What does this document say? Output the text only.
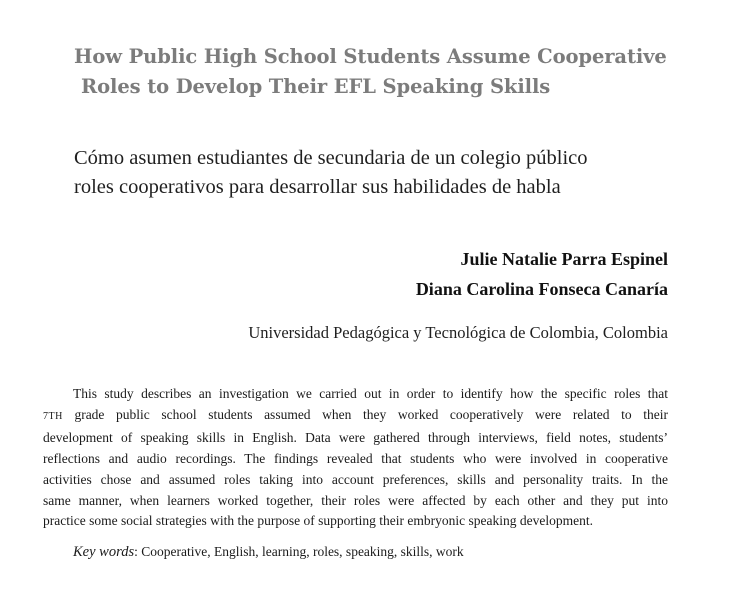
How Public High School Students Assume Cooperative
Roles to Develop Their EFL Speaking Skills
Cómo asumen estudiantes de secundaria de un colegio público
roles cooperativos para desarrollar sus habilidades de habla
Julie Natalie Parra Espinel
Diana Carolina Fonseca Canaría
Universidad Pedagógica y Tecnológica de Colombia, Colombia
This study describes an investigation we carried out in order to identify how the specific roles that
7TH grade public school students assumed when they worked cooperatively were related to their
development of speaking skills in English. Data were gathered through interviews, field notes, students’
reflections and audio recordings. The findings revealed that students who were involved in cooperative
activities chose and assumed roles taking into account preferences, skills and personality traits. In the
same manner, when learners worked together, their roles were affected by each other and they put into
practice some social strategies with the purpose of supporting their embryonic speaking development.
Key words: Cooperative, English, learning, roles, speaking, skills, work
